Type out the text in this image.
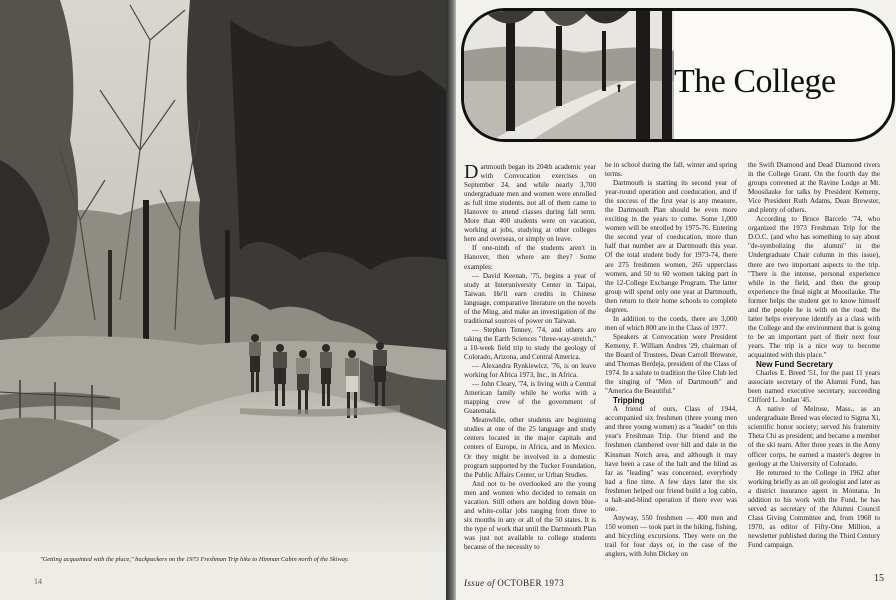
"Getting acquainted with the place," backpackers on the 1973 Freshman Trip hike to Hinman Cabin north of the Skiway.
14
The College

Dartmouth began its 204th academic year with Convocation exercises on September 24, and while nearly 3,700 undergraduate men and women were enrolled as full time students, not all of them came to Hanover to attend classes during fall term. More than 400 students were on vacation, working at jobs, studying at other colleges here and overseas, or simply on leave.

If one-ninth of the students aren't in Hanover, then where are they? Some examples:

— David Keenan, '75, begins a year of study at Interuniversity Center in Taipai, Taiwan. He'll earn credits in Chinese language, comparative literature on the novels of the Ming, and make an investigation of the traditional sources of power on Taiwan.

— Stephen Tenney, '74, and others are taking the Earth Sciences "three-way-stretch," a 10-week field trip to study the geology of Colorado, Arizona, and Central America.

— Alexandra Rynkiewicz, '76, is on leave working for Africa 1973, Inc., in Africa.

— John Cleary, '74, is living with a Central American family while he works with a mapping crew of the government of Guatemala.

Meanwhile, other students are beginning studies at one of the 25 language and study centers located in the major capitals and centers of Europe, in Africa, and in Mexico. Or they might be involved in a domestic program supported by the Tucker Foundation, the Public Affairs Center, or Urban Studies.

And not to be overlooked are the young men and women who decided to remain on vacation. Still others are holding down blue- and white-collar jobs ranging from three to six months in any or all of the 50 states. It is the type of work that until the Dartmouth Plan was just not available to college students because of the necessity to

be in school during the fall, winter and spring terms.

Dartmouth is starting its second year of year-round operation and coeducation, and if the success of the first year is any measure, the Dartmouth Plan should be even more exciting in the years to come. Some 1,000 women will be enrolled by 1975-76. Entering the second year of coeducation, more than half that number are at Dartmouth this year. Of the total student body for 1973-74, there are 275 freshmen women, 265 upperclass women, and 50 to 60 women taking part in the 12-College Exchange Program. The latter group will spend only one year at Dartmouth, then return to their home schools to complete degrees.

In addition to the coeds, there are 3,000 men of which 800 are in the Class of 1977.

Speakers at Convocation were President Kemeny, F. William Andres '29, chairman of the Board of Trustees, Dean Carroll Brewster, and Thomas Berdeja, president of the Class of 1974. In a salute to tradition the Glee Club led the singing of "Men of Dartmouth" and "America the Beautiful."

Tripping

A friend of ours, Class of 1944, accompanied six freshmen (three young men and three young women) as a "leader" on this year's Freshman Trip. Our friend and the freshmen clambered over hill and dale in the Kinsman Notch area, and although it may have been a case of the halt and the blind as far as "leading" was concerned, everybody had a fine time. A few days later the six freshmen helped our friend build a log cabin, a halt-and-blind operation if there ever was one.

Anyway, 550 freshmen — 400 men and 150 women — took part in the hiking, fishing, and bicycling excursions. They were on the trail for four days or, in the case of the anglers, with John Dickey on

the Swift Diamond and Dead Diamond rivers in the College Grant. On the fourth day the groups convened at the Ravine Lodge at Mt. Moosilauke for talks by President Kemeny, Vice President Ruth Adams, Dean Brewster, and plenty of others.

According to Bruce Barcelo '74, who organized the 1973 Freshman Trip for the D.O.C. (and who has something to say about "de-symbolizing the alumni" in the Undergraduate Chair column in this issue), there are two important aspects to the trip. "There is the intense, personal experience while in the field, and then the group experience the final night at Moosilauke. The former helps the student get to know himself and the people he is with on the road; the latter helps everyone identify as a class with the College and the environment that is going to be an important part of their next four years. The trip is a nice way to become acquainted with this place."

New Fund Secretary

Charles E. Breed '51, for the past 11 years associate secretary of the Alumni Fund, has been named executive secretary, succeeding Clifford L. Jordan '45.

A native of Melrose, Mass., as an undergraduate Breed was elected to Sigma Xi, scientific honor society; served his fraternity Theta Chi as president; and became a member of the ski team. After three years in the Army officer corps, he earned a master's degree in geology at the University of Colorado.

He returned to the College in 1962 after working briefly as an oil geologist and later as a district insurance agent in Montana. In addition to his work with the Fund, he has served as secretary of the Alumni Council Class Giving Committee and, from 1968 to 1970, as editor of Fifty-One Million, a newsletter published during the Third Century Fund campaign.

Issue of OCTOBER 1973	15
